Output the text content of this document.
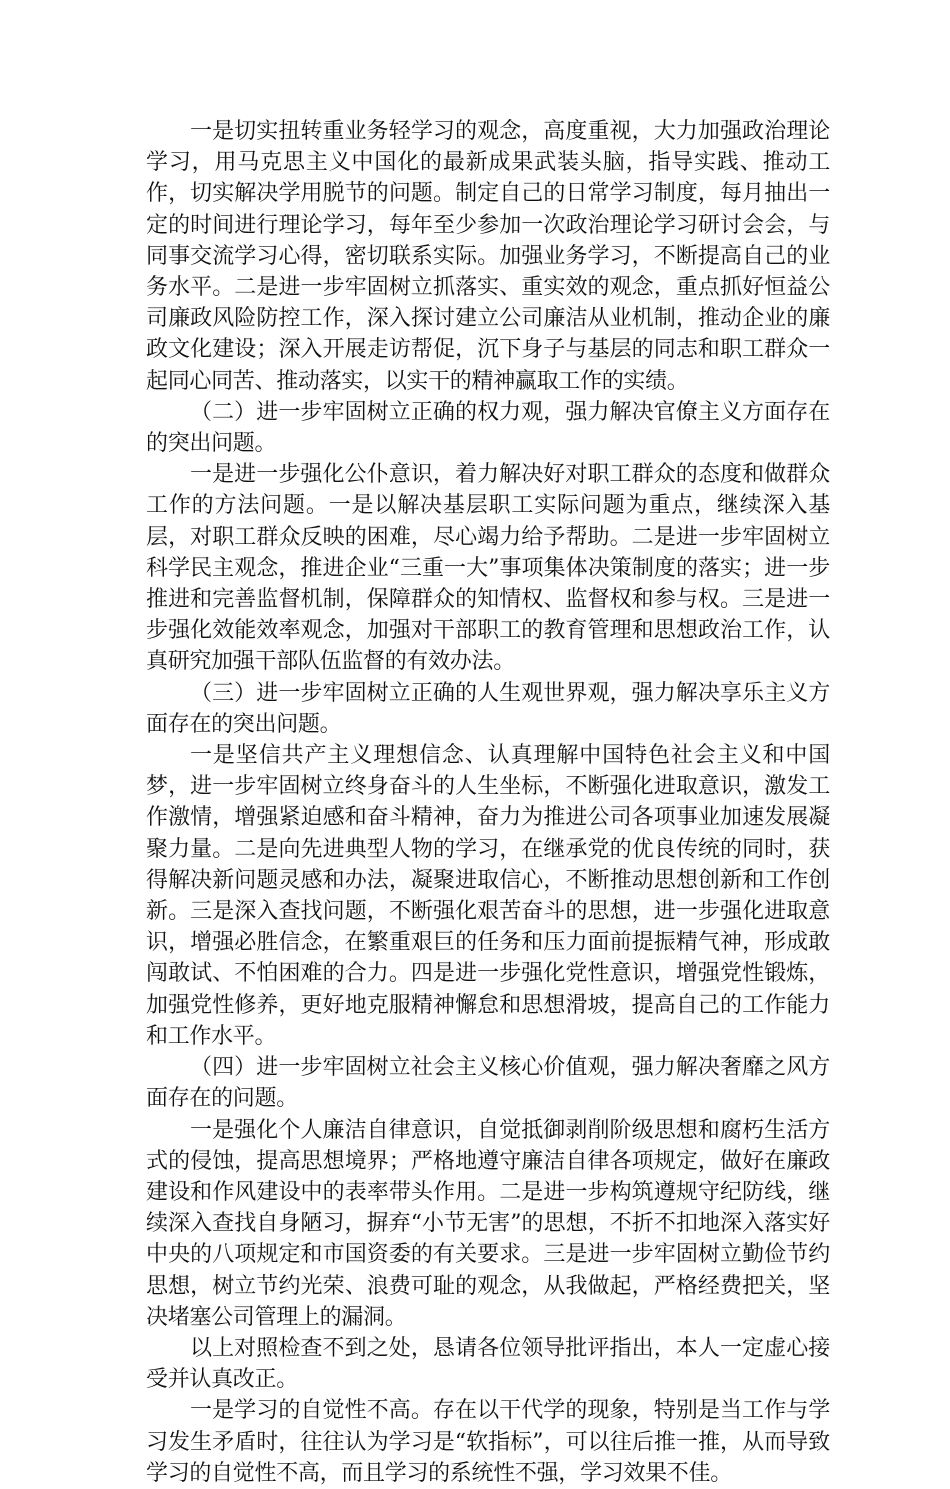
一是切实扭转重业务轻学习的观念，高度重视，大力加强政治理论学习，用马克思主义中国化的最新成果武装头脑，指导实践、推动工作，切实解决学用脱节的问题。制定自己的日常学习制度，每月抽出一定的时间进行理论学习，每年至少参加一次政治理论学习研讨会会，与同事交流学习心得，密切联系实际。加强业务学习，不断提高自己的业务水平。二是进一步牢固树立抓落实、重实效的观念，重点抓好恒益公司廉政风险防控工作，深入探讨建立公司廉洁从业机制，推动企业的廉政文化建设；深入开展走访帮促，沉下身子与基层的同志和职工群众一起同心同苦、推动落实，以实干的精神赢取工作的实绩。

（二）进一步牢固树立正确的权力观，强力解决官僚主义方面存在的突出问题。

一是进一步强化公仆意识，着力解决好对职工群众的态度和做群众工作的方法问题。一是以解决基层职工实际问题为重点，继续深入基层，对职工群众反映的困难，尽心竭力给予帮助。二是进一步牢固树立科学民主观念，推进企业“三重一大”事项集体决策制度的落实；进一步推进和完善监督机制，保障群众的知情权、监督权和参与权。三是进一步强化效能效率观念，加强对干部职工的教育管理和思想政治工作，认真研究加强干部队伍监督的有效办法。

（三）进一步牢固树立正确的人生观世界观，强力解决享乐主义方面存在的突出问题。

一是坚信共产主义理想信念、认真理解中国特色社会主义和中国梦，进一步牢固树立终身奋斗的人生坐标，不断强化进取意识，激发工作激情，增强紧迫感和奋斗精神，奋力为推进公司各项事业加速发展凝聚力量。二是向先进典型人物的学习，在继承党的优良传统的同时，获得解决新问题灵感和办法，凝聚进取信心，不断推动思想创新和工作创新。三是深入查找问题，不断强化艰苦奋斗的思想，进一步强化进取意识，增强必胜信念，在繁重艰巨的任务和压力面前提振精气神，形成敢闯敢试、不怕困难的合力。四是进一步强化党性意识，增强党性锻炼，加强党性修养，更好地克服精神懈怠和思想滑坡，提高自己的工作能力和工作水平。

（四）进一步牢固树立社会主义核心价值观，强力解决奢靡之风方面存在的问题。

一是强化个人廉洁自律意识，自觉抵御剥削阶级思想和腐朽生活方式的侵蚀，提高思想境界；严格地遵守廉洁自律各项规定，做好在廉政建设和作风建设中的表率带头作用。二是进一步构筑遵规守纪防线，继续深入查找自身陋习，摒弃“小节无害”的思想，不折不扣地深入落实好中央的八项规定和市国资委的有关要求。三是进一步牢固树立勤俭节约思想，树立节约光荣、浪费可耻的观念，从我做起，严格经费把关，坚决堵塞公司管理上的漏洞。

以上对照检查不到之处，恳请各位领导批评指出，本人一定虚心接受并认真改正。

一是学习的自觉性不高。存在以干代学的现象，特别是当工作与学习发生矛盾时，往往认为学习是“软指标”，可以往后推一推，从而导致学习的自觉性不高，而且学习的系统性不强，学习效果不佳。
